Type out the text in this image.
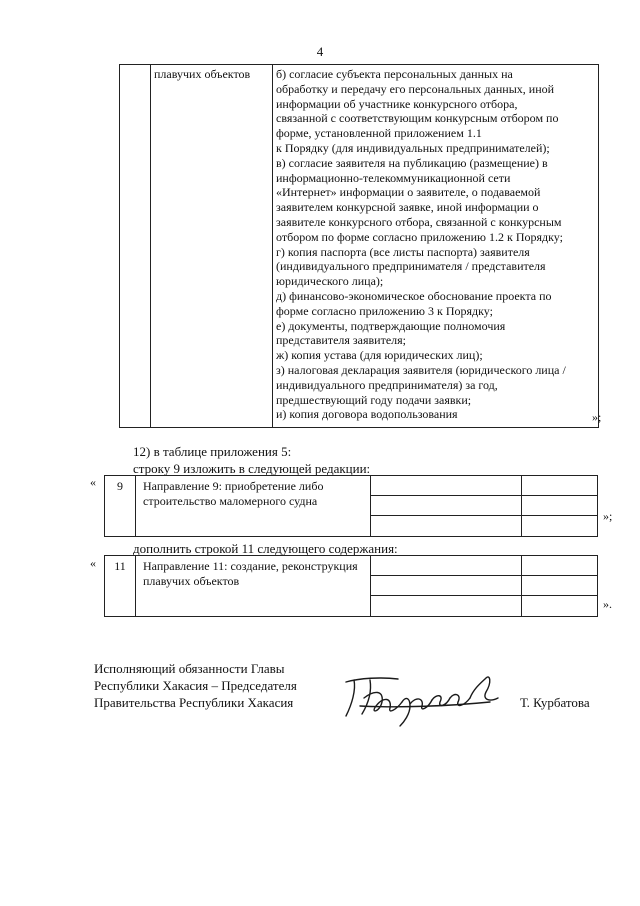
4
плавучих объектов	б) согласие субъекта персональных данных на
обработку и передачу его персональных данных, иной
информации об участнике конкурсного отбора,
связанной с соответствующим конкурсным отбором по
форме, установленной приложением 1.1
к Порядку (для индивидуальных предпринимателей);
в) согласие заявителя на публикацию (размещение) в
информационно-телекоммуникационной сети
«Интернет» информации о заявителе, о подаваемой
заявителем конкурсной заявке, иной информации о
заявителе конкурсного отбора, связанной с конкурсным
отбором по форме согласно приложению 1.2 к Порядку;
г) копия паспорта (все листы паспорта) заявителя
(индивидуального предпринимателя / представителя
юридического лица);
д) финансово-экономическое обоснование проекта по
форме согласно приложению 3 к Порядку;
е) документы, подтверждающие полномочия
представителя заявителя;
ж) копия устава (для юридических лиц);
з) налоговая декларация заявителя (юридического лица /
индивидуального предпринимателя) за год,
предшествующий году подачи заявки;
и) копия договора водопользования	»;
12) в таблице приложения 5:
строку 9 изложить в следующей редакции:
«	9	Направление 9: приобретение либо строительство маломерного судна
»;
дополнить строкой 11 следующего содержания:
«	11	Направление 11: создание, реконструкция плавучих объектов
».
Исполняющий обязанности Главы
Республики Хакасия – Председателя
Правительства Республики Хакасия	Т. Курбатова
